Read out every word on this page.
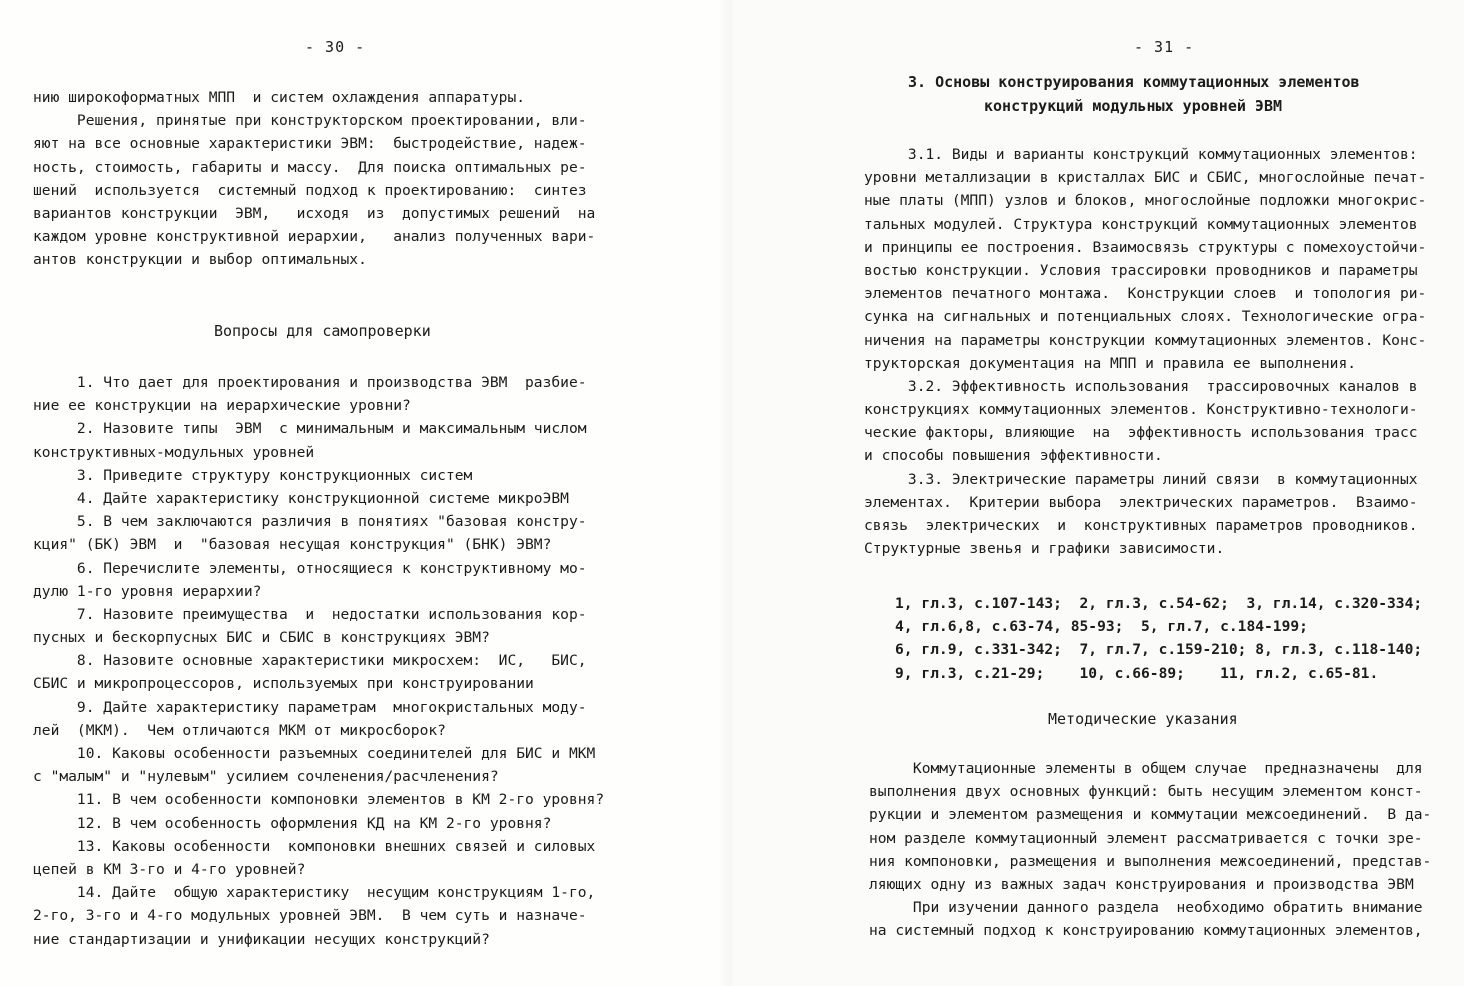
- 30 -
нию широкоформатных МПП  и систем охлаждения аппаратуры.
Решения, принятые при конструкторском проектировании, вли-
яют на все основные характеристики ЭВМ:  быстродействие, надеж-
ность, стоимость, габариты и массу.  Для поиска оптимальных ре-
шений  используется  системный подход к проектированию:  синтез
вариантов конструкции  ЭВМ,   исходя  из  допустимых решений  на
каждом уровне конструктивной иерархии,   анализ полученных вари-
антов конструкции и выбор оптимальных.
Вопросы для самопроверки
1. Что дает для проектирования и производства ЭВМ  разбие-
ние ее конструкции на иерархические уровни?
2. Назовите типы  ЭВМ  с минимальным и максимальным числом
конструктивных-модульных уровней
3. Приведите структуру конструкционных систем
4. Дайте характеристику конструкционной системе микроЭВМ
5. В чем заключаются различия в понятиях "базовая констру-
кция" (БК) ЭВМ  и  "базовая несущая конструкция" (БНК) ЭВМ?
6. Перечислите элементы, относящиеся к конструктивному мо-
дулю 1-го уровня иерархии?
7. Назовите преимущества  и  недостатки использования кор-
пусных и бескорпусных БИС и СБИС в конструкциях ЭВМ?
8. Назовите основные характеристики микросхем:  ИС,   БИС,
СБИС и микропроцессоров, используемых при конструировании
9. Дайте характеристику параметрам  многокристальных моду-
лей  (МКМ).  Чем отличаются МКМ от микросборок?
10. Каковы особенности разъемных соединителей для БИС и МКМ
с "малым" и "нулевым" усилием сочленения/расчленения?
11. В чем особенности компоновки элементов в КМ 2-го уровня?
12. В чем особенность оформления КД на КМ 2-го уровня?
13. Каковы особенности  компоновки внешних связей и силовых
цепей в КМ 3-го и 4-го уровней?
14. Дайте  общую характеристику  несущим конструкциям 1-го,
2-го, 3-го и 4-го модульных уровней ЭВМ.  В чем суть и назначе-
ние стандартизации и унификации несущих конструкций?
- 31 -
3. Основы конструирования коммутационных элементов
конструкций модульных уровней ЭВМ
3.1. Виды и варианты конструкций коммутационных элементов:
уровни металлизации в кристаллах БИС и СБИС, многослойные печат-
ные платы (МПП) узлов и блоков, многослойные подложки многокрис-
тальных модулей. Структура конструкций коммутационных элементов
и принципы ее построения. Взаимосвязь структуры с помехоустойчи-
востью конструкции. Условия трассировки проводников и параметры
элементов печатного монтажа.  Конструкции слоев  и топология ри-
сунка на сигнальных и потенциальных слоях. Технологические огра-
ничения на параметры конструкции коммутационных элементов. Конс-
трукторская документация на МПП и правила ее выполнения.
3.2. Эффективность использования  трассировочных каналов в
конструкциях коммутационных элементов. Конструктивно-технологи-
ческие факторы, влияющие  на  эффективность использования трасс
и способы повышения эффективности.
3.3. Электрические параметры линий связи  в коммутационных
элементах.  Критерии выбора  электрических параметров.  Взаимо-
связь  электрических  и  конструктивных параметров проводников.
Структурные звенья и графики зависимости.
1, гл.3, с.107-143;  2, гл.3, с.54-62;  3, гл.14, с.320-334;
4, гл.6,8, с.63-74, 85-93;  5, гл.7, с.184-199;
6, гл.9, с.331-342;  7, гл.7, с.159-210; 8, гл.3, с.118-140;
9, гл.3, с.21-29;    10, с.66-89;    11, гл.2, с.65-81.
Методические указания
Коммутационные элементы в общем случае  предназначены  для
выполнения двух основных функций: быть несущим элементом конст-
рукции и элементом размещения и коммутации межсоединений.  В да-
ном разделе коммутационный элемент рассматривается с точки зре-
ния компоновки, размещения и выполнения межсоединений, представ-
ляющих одну из важных задач конструирования и производства ЭВМ
При изучении данного раздела  необходимо обратить внимание
на системный подход к конструированию коммутационных элементов,
